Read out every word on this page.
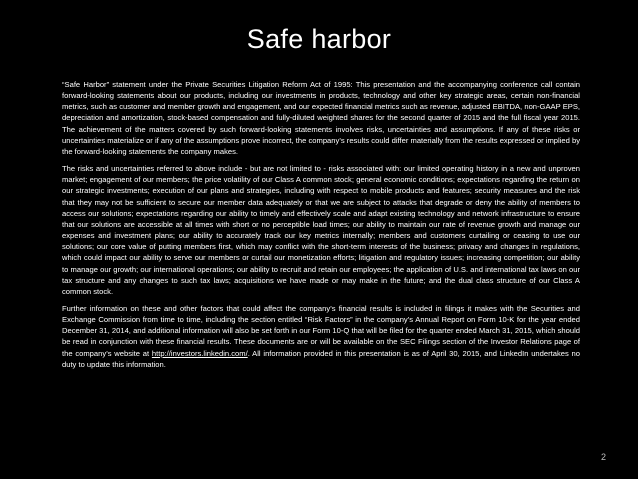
Safe harbor

“Safe Harbor” statement under the Private Securities Litigation Reform Act of 1995: This presentation and the accompanying conference call contain forward-looking statements about our products, including our investments in products, technology and other key strategic areas, certain non-financial metrics, such as customer and member growth and engagement, and our expected financial metrics such as revenue, adjusted EBITDA, non-GAAP EPS, depreciation and amortization, stock-based compensation and fully-diluted weighted shares for the second quarter of 2015 and the full fiscal year 2015. The achievement of the matters covered by such forward-looking statements involves risks, uncertainties and assumptions. If any of these risks or uncertainties materialize or if any of the assumptions prove incorrect, the company’s results could differ materially from the results expressed or implied by the forward-looking statements the company makes.

The risks and uncertainties referred to above include - but are not limited to - risks associated with: our limited operating history in a new and unproven market; engagement of our members; the price volatility of our Class A common stock; general economic conditions; expectations regarding the return on our strategic investments; execution of our plans and strategies, including with respect to mobile products and features; security measures and the risk that they may not be sufficient to secure our member data adequately or that we are subject to attacks that degrade or deny the ability of members to access our solutions; expectations regarding our ability to timely and effectively scale and adapt existing technology and network infrastructure to ensure that our solutions are accessible at all times with short or no perceptible load times; our ability to maintain our rate of revenue growth and manage our expenses and investment plans; our ability to accurately track our key metrics internally; members and customers curtailing or ceasing to use our solutions; our core value of putting members first, which may conflict with the short-term interests of the business; privacy and changes in regulations, which could impact our ability to serve our members or curtail our monetization efforts; litigation and regulatory issues; increasing competition; our ability to manage our growth; our international operations; our ability to recruit and retain our employees; the application of U.S. and international tax laws on our tax structure and any changes to such tax laws; acquisitions we have made or may make in the future; and the dual class structure of our Class A common stock.

Further information on these and other factors that could affect the company’s financial results is included in filings it makes with the Securities and Exchange Commission from time to time, including the section entitled “Risk Factors” in the company’s Annual Report on Form 10-K for the year ended December 31, 2014, and additional information will also be set forth in our Form 10-Q that will be filed for the quarter ended March 31, 2015, which should be read in conjunction with these financial results. These documents are or will be available on the SEC Filings section of the Investor Relations page of the company’s website at http://investors.linkedin.com/. All information provided in this presentation is as of April 30, 2015, and LinkedIn undertakes no duty to update this information.

2
